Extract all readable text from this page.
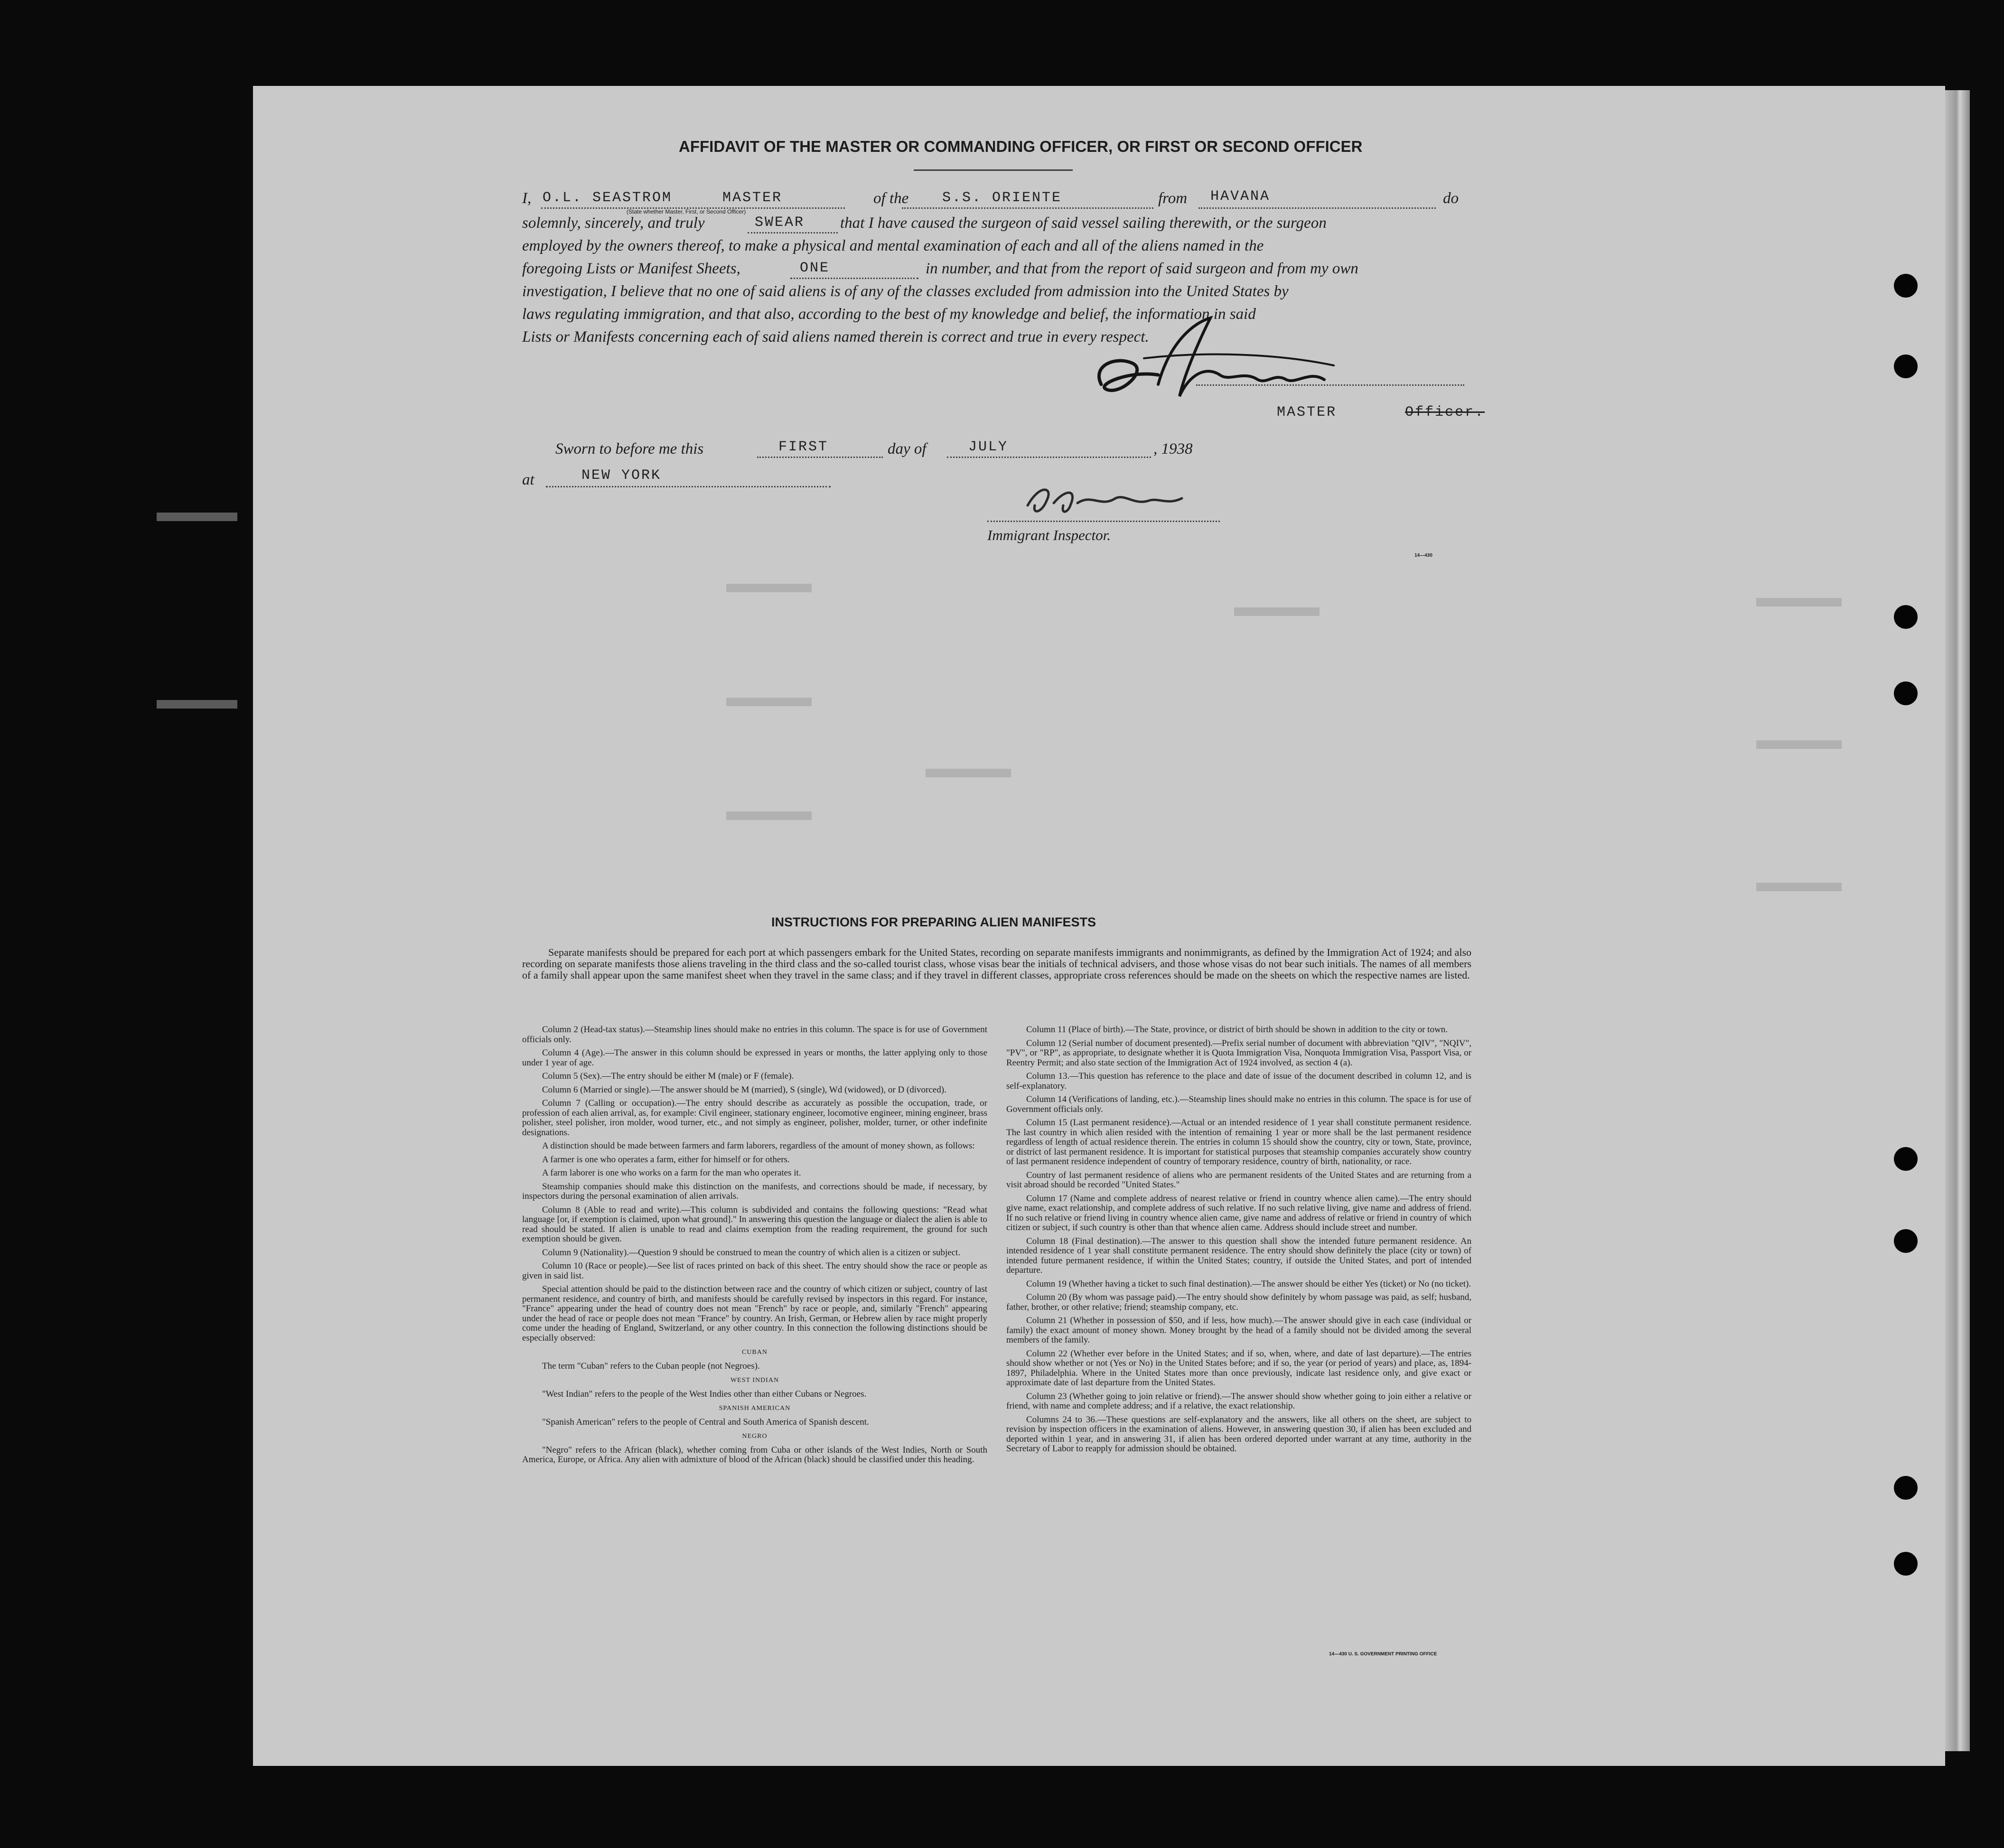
AFFIDAVIT OF THE MASTER OR COMMANDING OFFICER, OR FIRST OR SECOND OFFICER
I, O.L. SEASTROM	MASTER	of the S.S. ORIENTE	from HAVANA	do
(State whether Master, First, or Second Officer)
solemnly, sincerely, and truly	SWEAR that I have caused the surgeon of said vessel sailing therewith, or the surgeon
employed by the owners thereof, to make a physical and mental examination of each and all of the aliens named in the
foregoing Lists or Manifest Sheets,	ONE	in number, and that from the report of said surgeon and from my own
investigation, I believe that no one of said aliens is of any of the classes excluded from admission into the United States by
laws regulating immigration, and that also, according to the best of my knowledge and belief, the information in said
Lists or Manifests concerning each of said aliens named therein is correct and true in every respect.
MASTER	Officer.
Sworn to before me this	FIRST	day of	JULY	, 1938
at	NEW YORK
Immigrant Inspector.
14—430
INSTRUCTIONS FOR PREPARING ALIEN MANIFESTS
Separate manifests should be prepared for each port at which passengers embark for the United States, recording on separate manifests immigrants and nonimmigrants, as defined by the Immigration Act of 1924; and also recording on separate manifests those aliens traveling in the third class and the so-called tourist class, whose visas bear the initials of technical advisers, and those whose visas do not bear such initials. The names of all members of a family shall appear upon the same manifest sheet when they travel in the same class; and if they travel in different classes, appropriate cross references should be made on the sheets on which the respective names are listed.

Column 2 (Head-tax status).—Steamship lines should make no entries in this column. The space is for use of Government officials only.

Column 4 (Age).—The answer in this column should be expressed in years or months, the latter applying only to those under 1 year of age.

Column 5 (Sex).—The entry should be either M (male) or F (female).

Column 6 (Married or single).—The answer should be M (married), S (single), Wd (widowed), or D (divorced).

Column 7 (Calling or occupation).—The entry should describe as accurately as possible the occupation, trade, or profession of each alien arrival, as, for example: Civil engineer, stationary engineer, locomotive engineer, mining engineer, brass polisher, steel polisher, iron molder, wood turner, etc., and not simply as engineer, polisher, molder, turner, or other indefinite designations.

A distinction should be made between farmers and farm laborers, regardless of the amount of money shown, as follows:

A farmer is one who operates a farm, either for himself or for others.

A farm laborer is one who works on a farm for the man who operates it.

Steamship companies should make this distinction on the manifests, and corrections should be made, if necessary, by inspectors during the personal examination of alien arrivals.

Column 8 (Able to read and write).—This column is subdivided and contains the following questions: "Read what language [or, if exemption is claimed, upon what ground]." In answering this question the language or dialect the alien is able to read should be stated. If alien is unable to read and claims exemption from the reading requirement, the ground for such exemption should be given.

Column 9 (Nationality).—Question 9 should be construed to mean the country of which alien is a citizen or subject.

Column 10 (Race or people).—See list of races printed on back of this sheet. The entry should show the race or people as given in said list.

Special attention should be paid to the distinction between race and the country of which citizen or subject, country of last permanent residence, and country of birth, and manifests should be carefully revised by inspectors in this regard. For instance, "France" appearing under the head of country does not mean "French" by race or people, and, similarly "French" appearing under the head of race or people does not mean "France" by country. An Irish, German, or Hebrew alien by race might properly come under the heading of England, Switzerland, or any other country. In this connection the following distinctions should be especially observed:

CUBAN

The term "Cuban" refers to the Cuban people (not Negroes).

WEST INDIAN

"West Indian" refers to the people of the West Indies other than either Cubans or Negroes.

SPANISH AMERICAN

"Spanish American" refers to the people of Central and South America of Spanish descent.

NEGRO

"Negro" refers to the African (black), whether coming from Cuba or other islands of the West Indies, North or South America, Europe, or Africa. Any alien with admixture of blood of the African (black) should be classified under this heading.

Column 11 (Place of birth).—The State, province, or district of birth should be shown in addition to the city or town.

Column 12 (Serial number of document presented).—Prefix serial number of document with abbreviation "QIV", "NQIV", "PV", or "RP", as appropriate, to designate whether it is Quota Immigration Visa, Nonquota Immigration Visa, Passport Visa, or Reentry Permit; and also state section of the Immigration Act of 1924 involved, as section 4 (a).

Column 13.—This question has reference to the place and date of issue of the document described in column 12, and is self-explanatory.

Column 14 (Verifications of landing, etc.).—Steamship lines should make no entries in this column. The space is for use of Government officials only.

Column 15 (Last permanent residence).—Actual or an intended residence of 1 year shall constitute permanent residence. The last country in which alien resided with the intention of remaining 1 year or more shall be the last permanent residence regardless of length of actual residence therein. The entries in column 15 should show the country, city or town, State, province, or district of last permanent residence. It is important for statistical purposes that steamship companies accurately show country of last permanent residence independent of country of temporary residence, country of birth, nationality, or race.

Country of last permanent residence of aliens who are permanent residents of the United States and are returning from a visit abroad should be recorded "United States."

Column 17 (Name and complete address of nearest relative or friend in country whence alien came).—The entry should give name, exact relationship, and complete address of such relative. If no such relative living, give name and address of friend. If no such relative or friend living in country whence alien came, give name and address of relative or friend in country of which citizen or subject, if such country is other than that whence alien came. Address should include street and number.

Column 18 (Final destination).—The answer to this question shall show the intended future permanent residence. An intended residence of 1 year shall constitute permanent residence. The entry should show definitely the place (city or town) of intended future permanent residence, if within the United States; country, if outside the United States, and port of intended departure.

Column 19 (Whether having a ticket to such final destination).—The answer should be either Yes (ticket) or No (no ticket).

Column 20 (By whom was passage paid).—The entry should show definitely by whom passage was paid, as self; husband, father, brother, or other relative; friend; steamship company, etc.

Column 21 (Whether in possession of $50, and if less, how much).—The answer should give in each case (individual or family) the exact amount of money shown. Money brought by the head of a family should not be divided among the several members of the family.

Column 22 (Whether ever before in the United States; and if so, when, where, and date of last departure).—The entries should show whether or not (Yes or No) in the United States before; and if so, the year (or period of years) and place, as, 1894-1897, Philadelphia. Where in the United States more than once previously, indicate last residence only, and give exact or approximate date of last departure from the United States.

Column 23 (Whether going to join relative or friend).—The answer should show whether going to join either a relative or friend, with name and complete address; and if a relative, the exact relationship.

Columns 24 to 36.—These questions are self-explanatory and the answers, like all others on the sheet, are subject to revision by inspection officers in the examination of aliens. However, in answering question 30, if alien has been excluded and deported within 1 year, and in answering 31, if alien has been ordered deported under warrant at any time, authority in the Secretary of Labor to reapply for admission should be obtained.

14—430 U. S. GOVERNMENT PRINTING OFFICE
